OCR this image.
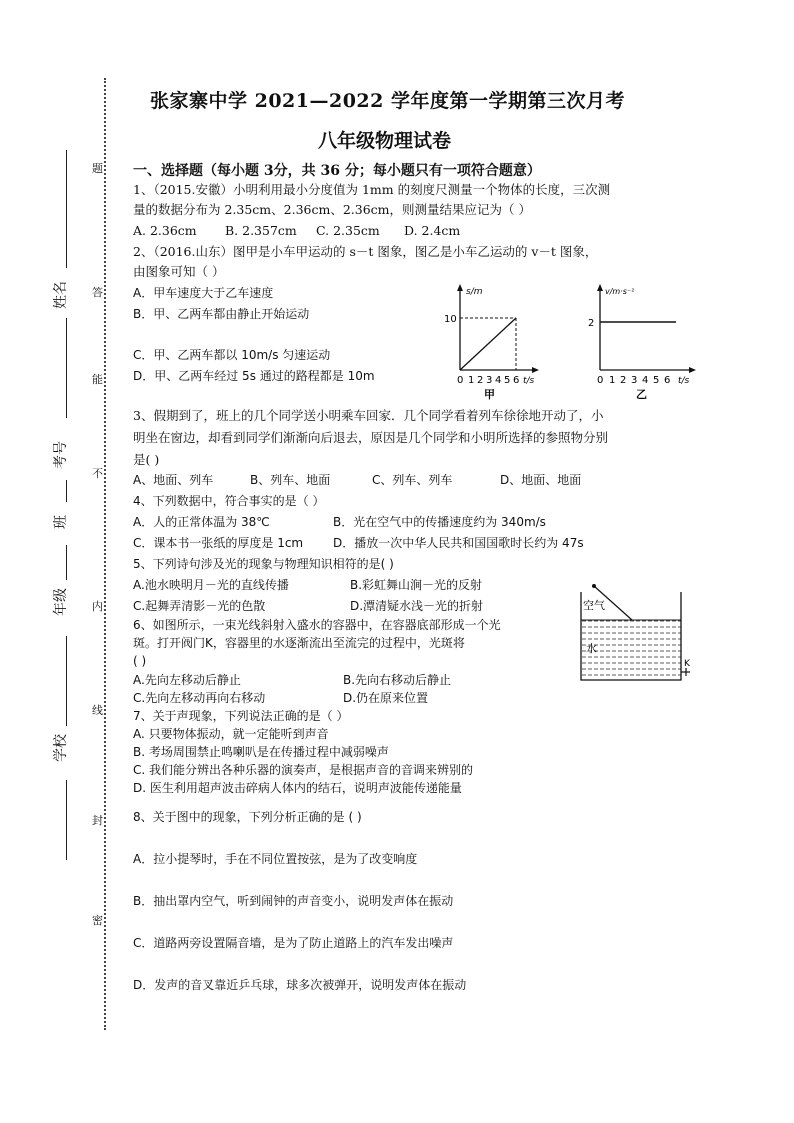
题
答
能
不
内
线
封
密
姓名
考号
班
年级
学校
张家寨中学 2021—2022 学年度第一学期第三次月考
八年级物理试卷
一、选择题（每小题 3分，共 36 分；每小题只有一项符合题意）
1、（2015.安徽）小明利用最小分度值为 1mm 的刻度尺测量一个物体的长度，三次测
量的数据分布为 2.35cm、2.36cm、2.36cm，则测量结果应记为（ ）
A. 2.36cm B. 2.357cm C. 2.35cm D. 2.4cm
2、（2016.山东）图甲是小车甲运动的 s－t 图象，图乙是小车乙运动的 v－t 图象，
由图象可知（ ）
A．甲车速度大于乙车速度
B．甲、乙两车都由静止开始运动
C．甲、乙两车都以 10m/s 匀速运动
D．甲、乙两车经过 5s 通过的路程都是 10m
s/m
10
0 1 2 3 4 5 6 t/s
甲
v/m·s⁻¹
2
0 1 2 3 4 5 6 t/s
乙
3、假期到了，班上的几个同学送小明乘车回家．几个同学看着列车徐徐地开动了，小
明坐在窗边，却看到同学们渐渐向后退去，原因是几个同学和小明所选择的参照物分别
是( )
A、地面、列车	B、列车、地面	C、列车、列车	D、地面、地面
4、下列数据中，符合事实的是（ ）
A．人的正常体温为 38℃	B．光在空气中的传播速度约为 340m/s
C．课本书一张纸的厚度是 1cm D．播放一次中华人民共和国国歌时长约为 47s
5、下列诗句涉及光的现象与物理知识相符的是( )
A.池水映明月－光的直线传播	B.彩虹舞山涧－光的反射
C.起舞弄清影－光的色散	D.潭清疑水浅－光的折射
6、如图所示，一束光线斜射入盛水的容器中，在容器底部形成一个光
斑。打开阀门K，容器里的水逐渐流出至流完的过程中，光斑将
( )
A.先向左移动后静止	B.先向右移动后静止
C.先向左移动再向右移动	D.仍在原来位置
空气
水
K
7、关于声现象，下列说法正确的是（ ）
A. 只要物体振动，就一定能听到声音
B. 考场周围禁止鸣喇叭是在传播过程中减弱噪声
C. 我们能分辨出各种乐器的演奏声，是根据声音的音调来辨别的
D. 医生利用超声波击碎病人体内的结石，说明声波能传递能量
8、关于图中的现象，下列分析正确的是 ( )
A．拉小提琴时，手在不同位置按弦，是为了改变响度
B．抽出罩内空气，听到闹钟的声音变小，说明发声体在振动
C．道路两旁设置隔音墙，是为了防止道路上的汽车发出噪声
D．发声的音叉靠近乒乓球，球多次被弹开，说明发声体在振动
